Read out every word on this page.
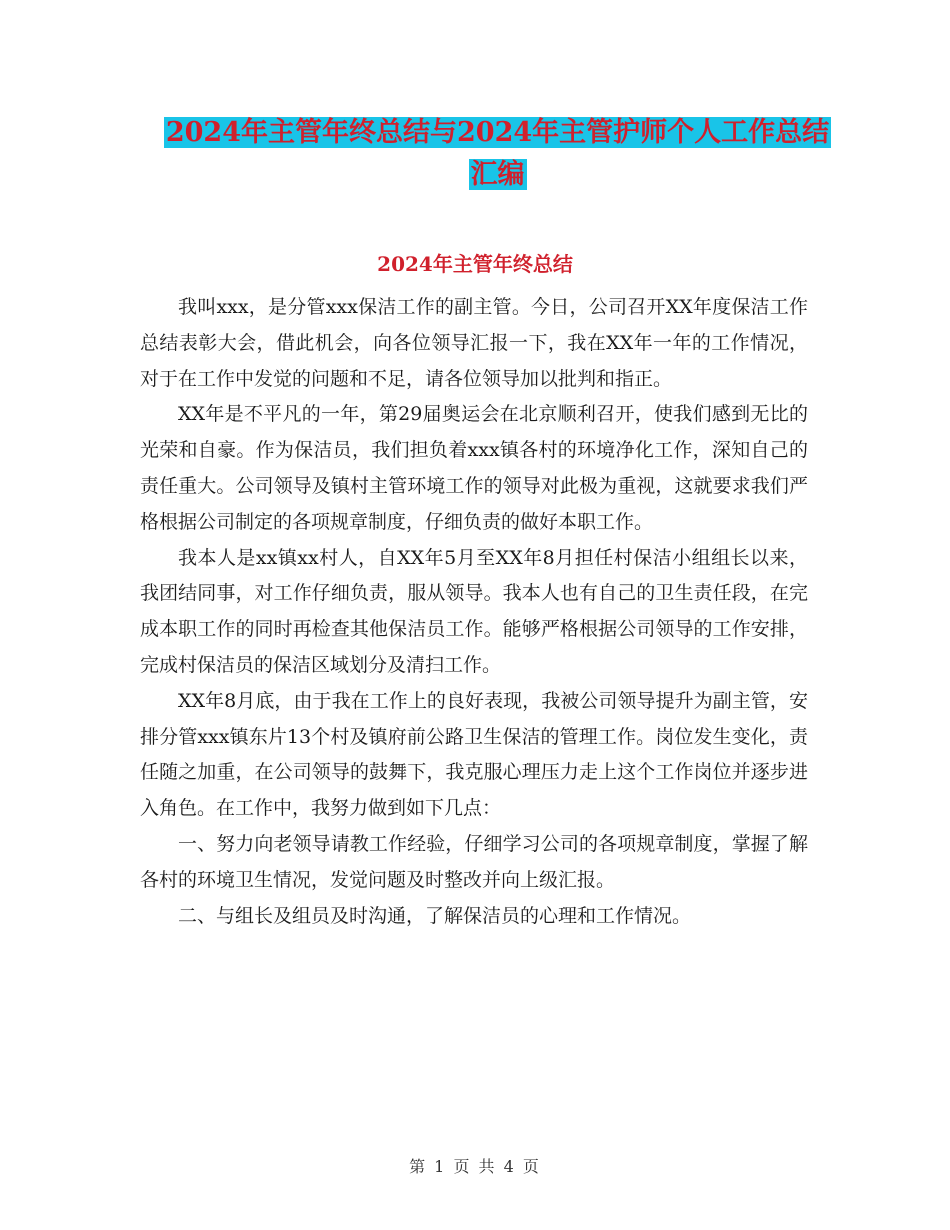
2024年主管年终总结与2024年主管护师个人工作总结
汇编
2024年主管年终总结

我叫xxx，是分管xxx保洁工作的副主管。今日，公司召开XX年度保洁工作总结表彰大会，借此机会，向各位领导汇报一下，我在XX年一年的工作情况，对于在工作中发觉的问题和不足，请各位领导加以批判和指正。

XX年是不平凡的一年，第29届奥运会在北京顺利召开，使我们感到无比的光荣和自豪。作为保洁员，我们担负着xxx镇各村的环境净化工作，深知自己的责任重大。公司领导及镇村主管环境工作的领导对此极为重视，这就要求我们严格根据公司制定的各项规章制度，仔细负责的做好本职工作。

我本人是xx镇xx村人，自XX年5月至XX年8月担任村保洁小组组长以来，我团结同事，对工作仔细负责，服从领导。我本人也有自己的卫生责任段，在完成本职工作的同时再检查其他保洁员工作。能够严格根据公司领导的工作安排，完成村保洁员的保洁区域划分及清扫工作。

XX年8月底，由于我在工作上的良好表现，我被公司领导提升为副主管，安排分管xxx镇东片13个村及镇府前公路卫生保洁的管理工作。岗位发生变化，责任随之加重，在公司领导的鼓舞下，我克服心理压力走上这个工作岗位并逐步进入角色。在工作中，我努力做到如下几点：

一、努力向老领导请教工作经验，仔细学习公司的各项规章制度，掌握了解各村的环境卫生情况，发觉问题及时整改并向上级汇报。

二、与组长及组员及时沟通，了解保洁员的心理和工作情况。

第 1 页 共 4 页
